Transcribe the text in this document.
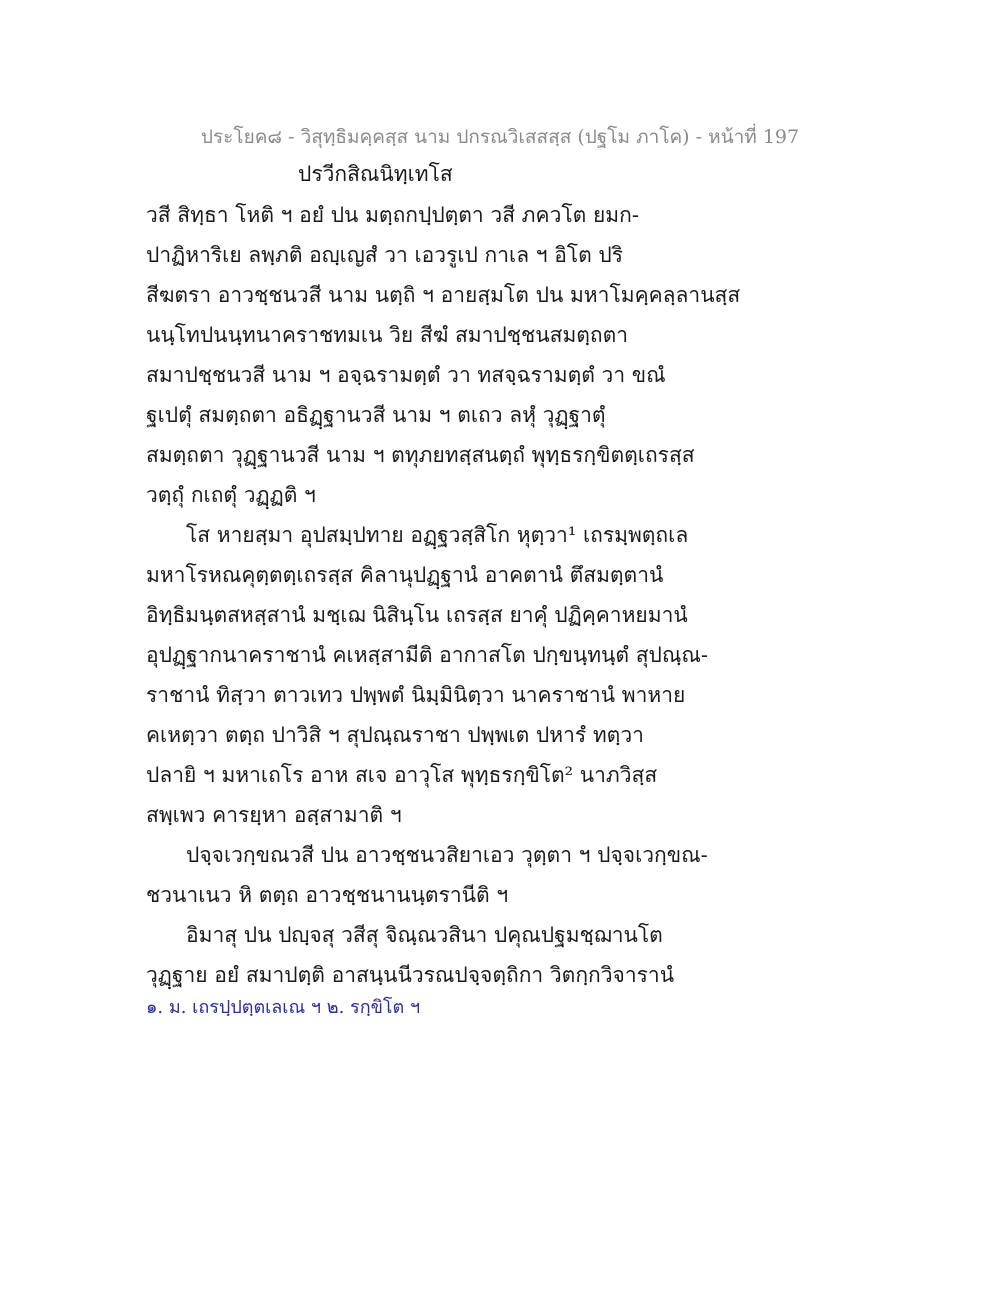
ประโยค๘ - วิสุทฺธิมคฺคสฺส นาม ปกรณวิเสสสฺส (ปฐโม ภาโค) - หน้าที่ 197
ปรวีกสิณนิทฺเทโส
วสี สิทฺธา โหติ ฯ อยํ ปน มตฺถกปฺปตฺตา วสี ภควโต ยมก-
ปาฏิหาริเย ลพฺภติ อญฺเญสํ วา เอวรูเป กาเล ฯ อิโต ปริ
สีฆตรา อาวชฺชนวสี นาม นตฺถิ ฯ อายสฺมโต ปน มหาโมคฺคลฺลานสฺส
นนฺโทปนนฺทนาคราชทมเน วิย สีฆํ สมาปชฺชนสมตฺถตา
สมาปชฺชนวสี นาม ฯ อจฺฉรามตฺตํ วา ทสจฺฉรามตฺตํ วา ขณํ
ฐเปตุํ สมตฺถตา อธิฏฺฐานวสี นาม ฯ ตเถว ลหุํ วุฏฺฐาตุํ
สมตฺถตา วุฏฺฐานวสี นาม ฯ ตทุภยทสฺสนตฺถํ พุทฺธรกฺขิตตฺเถรสฺส
วตฺถุํ กเถตุํ วฏฺฏติ ฯ
โส หายสฺมา อุปสมฺปทาย อฏฺฐวสฺสิโก หุตฺวา¹ เถรมฺพตฺถเล
มหาโรหณคุตฺตตฺเถรสฺส คิลานุปฏฺฐานํ อาคตานํ ตึสมตฺตานํ
อิทฺธิมนฺตสหสฺสานํ มชฺเฌ นิสินฺโน เถรสฺส ยาคุํ ปฏิคฺคาหยมานํ
อุปฏฺฐากนาคราชานํ คเหสฺสามีติ อากาสโต ปกฺขนฺทนฺตํ สุปณฺณ-
ราชานํ ทิสฺวา ตาวเทว ปพฺพตํ นิมฺมินิตฺวา นาคราชานํ พาหาย
คเหตฺวา ตตฺถ ปาวิสิ ฯ สุปณฺณราชา ปพฺพเต ปหารํ ทตฺวา
ปลายิ ฯ มหาเถโร อาห สเจ อาวุโส พุทฺธรกฺขิโต² นาภวิสฺส
สพฺเพว คารยฺหา อสฺสามาติ ฯ
ปจฺจเวกฺขณวสี ปน อาวชฺชนวสิยาเอว วุตฺตา ฯ ปจฺจเวกฺขณ-
ชวนาเนว หิ ตตฺถ อาวชฺชนานนฺตรานีติ ฯ
อิมาสุ ปน ปญฺจสุ วสีสุ จิณฺณวสินา ปคุณปฐมชฺฌานโต
วุฏฺฐาย อยํ สมาปตฺติ อาสนฺนนีวรณปจฺจตฺถิกา วิตกฺกวิจารานํ
๑. ม. เถรปฺปตฺตเลเณ ฯ ๒. รกฺขิโต ฯ
